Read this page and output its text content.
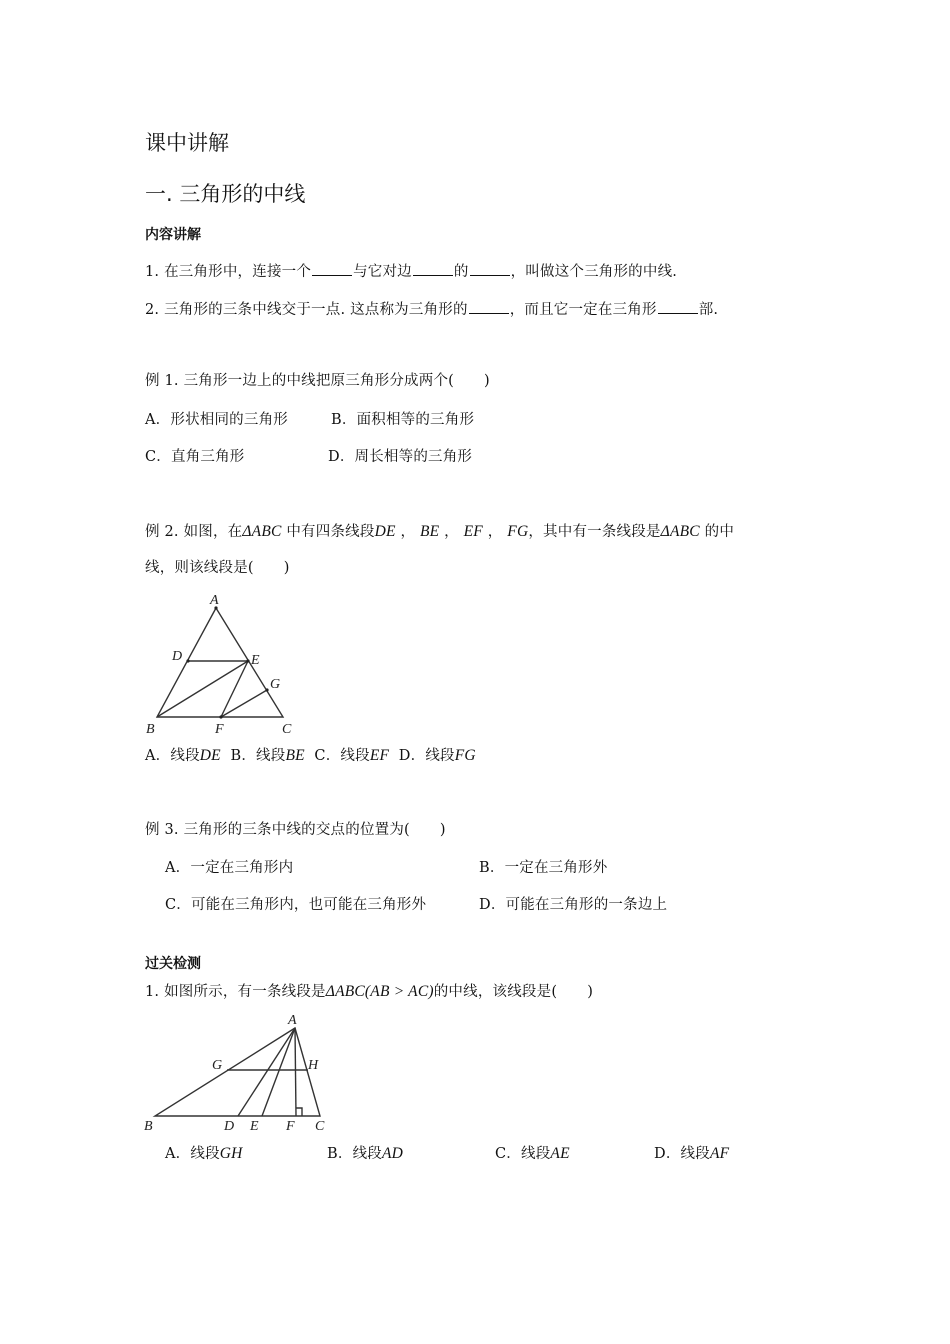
课中讲解
一. 三角形的中线
内容讲解
1. 在三角形中，连接一个	与它对边	的	，叫做这个三角形的中线.
2. 三角形的三条中线交于一点. 这点称为三角形的	，而且它一定在三角形	部.
例 1. 三角形一边上的中线把原三角形分成两个( )
A．形状相同的三角形	B．面积相等的三角形
C．直角三角形	D．周长相等的三角形
例 2. 如图，在ΔABC 中有四条线段DE ， BE ， EF ， FG，其中有一条线段是ΔABC 的中
线，则该线段是( )
A
D	E
G
B	F	C
A．线段DE B．线段BE C．线段EF D．线段FG
例 3. 三角形的三条中线的交点的位置为( )
A．一定在三角形内	B．一定在三角形外
C．可能在三角形内，也可能在三角形外	D．可能在三角形的一条边上
过关检测
1. 如图所示，有一条线段是ΔABC(AB > AC)的中线，该线段是( )
A
G	H
B	D E F C
A．线段GH	B．线段AD	C．线段AE	D．线段AF
